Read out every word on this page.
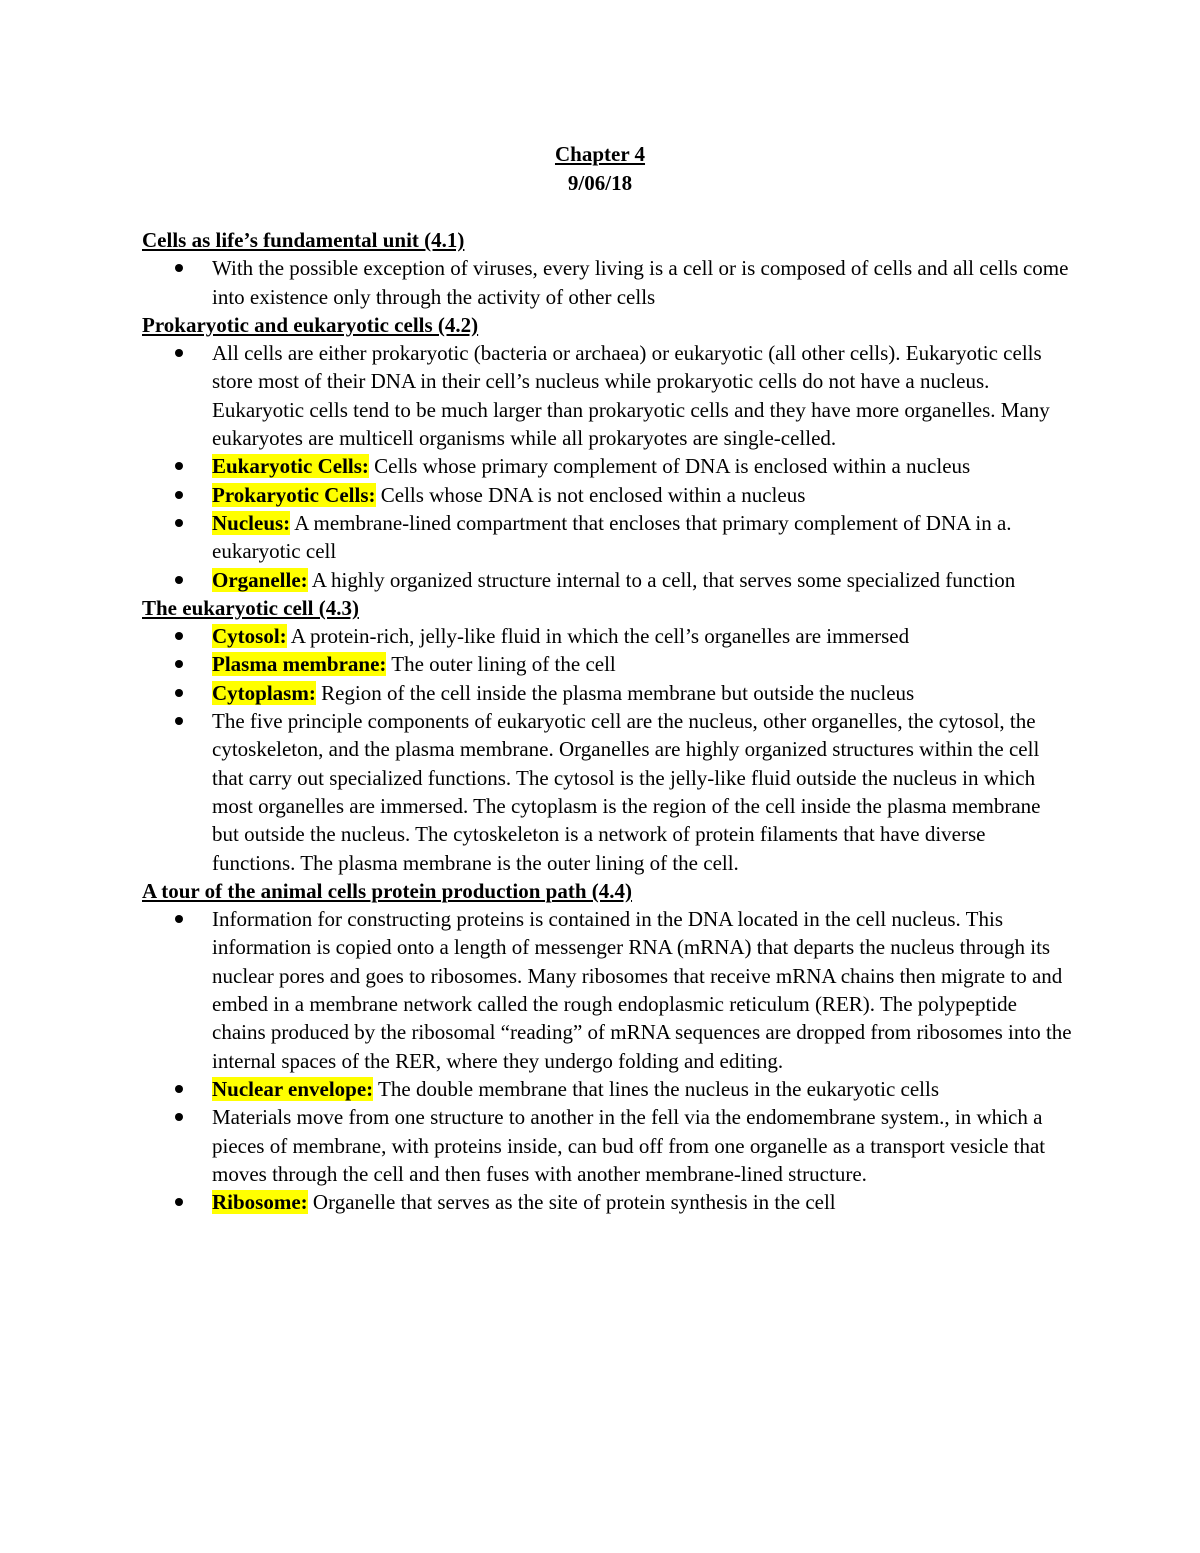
Chapter 4
9/06/18
Cells as life’s fundamental unit (4.1)
With the possible exception of viruses, every living is a cell or is composed of cells and all cells come into existence only through the activity of other cells
Prokaryotic and eukaryotic cells (4.2)
All cells are either prokaryotic (bacteria or archaea) or eukaryotic (all other cells). Eukaryotic cells store most of their DNA in their cell’s nucleus while prokaryotic cells do not have a nucleus. Eukaryotic cells tend to be much larger than prokaryotic cells and they have more organelles. Many eukaryotes are multicell organisms while all prokaryotes are single-celled.
Eukaryotic Cells: Cells whose primary complement of DNA is enclosed within a nucleus
Prokaryotic Cells: Cells whose DNA is not enclosed within a nucleus
Nucleus: A membrane-lined compartment that encloses that primary complement of DNA in a. eukaryotic cell
Organelle: A highly organized structure internal to a cell, that serves some specialized function
The eukaryotic cell (4.3)
Cytosol: A protein-rich, jelly-like fluid in which the cell’s organelles are immersed
Plasma membrane: The outer lining of the cell
Cytoplasm: Region of the cell inside the plasma membrane but outside the nucleus
The five principle components of eukaryotic cell are the nucleus, other organelles, the cytosol, the cytoskeleton, and the plasma membrane. Organelles are highly organized structures within the cell that carry out specialized functions. The cytosol is the jelly-like fluid outside the nucleus in which most organelles are immersed. The cytoplasm is the region of the cell inside the plasma membrane but outside the nucleus. The cytoskeleton is a network of protein filaments that have diverse functions. The plasma membrane is the outer lining of the cell.
A tour of the animal cells protein production path (4.4)
Information for constructing proteins is contained in the DNA located in the cell nucleus. This information is copied onto a length of messenger RNA (mRNA) that departs the nucleus through its nuclear pores and goes to ribosomes. Many ribosomes that receive mRNA chains then migrate to and embed in a membrane network called the rough endoplasmic reticulum (RER). The polypeptide chains produced by the ribosomal “reading” of mRNA sequences are dropped from ribosomes into the internal spaces of the RER, where they undergo folding and editing.
Nuclear envelope: The double membrane that lines the nucleus in the eukaryotic cells
Materials move from one structure to another in the fell via the endomembrane system., in which a pieces of membrane, with proteins inside, can bud off from one organelle as a transport vesicle that moves through the cell and then fuses with another membrane-lined structure.
Ribosome: Organelle that serves as the site of protein synthesis in the cell
